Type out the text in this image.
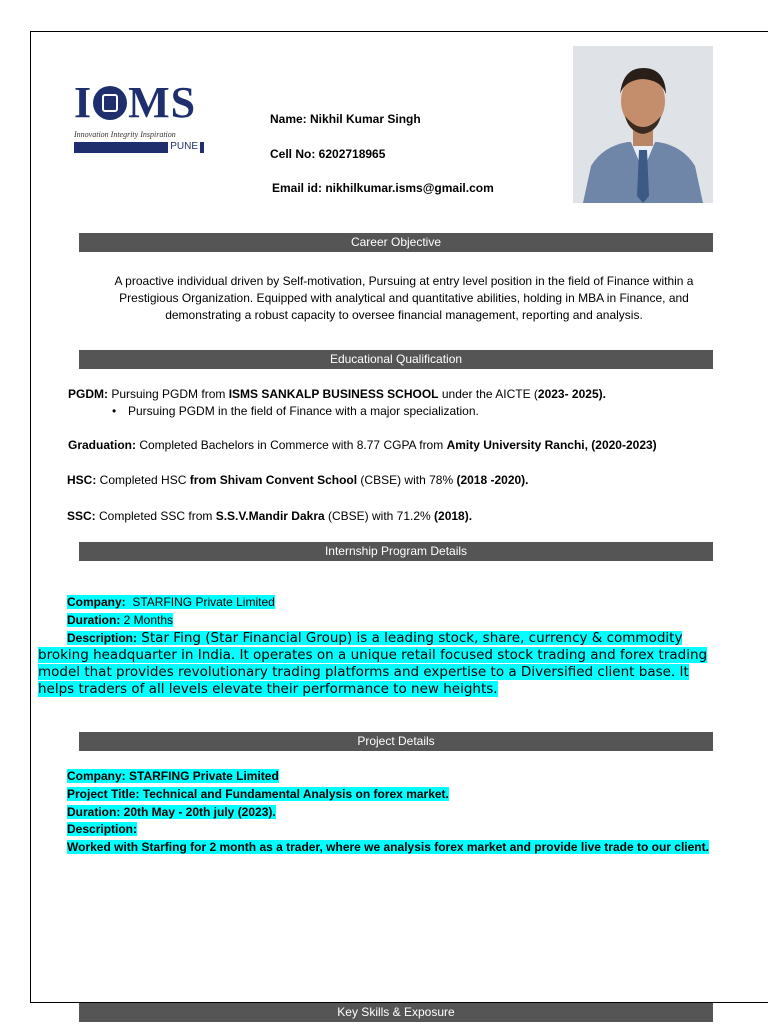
I MS
Innovation Integrity Inspiration
PUNE
Name: Nikhil Kumar Singh
Cell No: 6202718965
Email id: nikhilkumar.isms@gmail.com
Career Objective
A proactive individual driven by Self-motivation, Pursuing at entry level position in the field of Finance within a Prestigious Organization. Equipped with analytical and quantitative abilities, holding in MBA in Finance, and demonstrating a robust capacity to oversee financial management, reporting and analysis.
Educational Qualification
PGDM: Pursuing PGDM from ISMS SANKALP BUSINESS SCHOOL under the AICTE (2023- 2025).
• Pursuing PGDM in the field of Finance with a major specialization.
Graduation: Completed Bachelors in Commerce with 8.77 CGPA from Amity University Ranchi, (2020-2023)
HSC: Completed HSC from Shivam Convent School (CBSE) with 78% (2018 -2020).
SSC: Completed SSC from S.S.V.Mandir Dakra (CBSE) with 71.2% (2018).
Internship Program Details
Company:  STARFING Private Limited
Duration: 2 Months
Description: Star Fing (Star Financial Group) is a leading stock, share, currency & commodity
broking headquarter in India. It operates on a unique retail focused stock trading and forex trading
model that provides revolutionary trading platforms and expertise to a Diversified client base. It
helps traders of all levels elevate their performance to new heights.
Project Details
Company: STARFING Private Limited
Project Title: Technical and Fundamental Analysis on forex market.
Duration: 20th May - 20th july (2023).
Description:
Worked with Starfing for 2 month as a trader, where we analysis forex market and provide live trade to our client.
Key Skills & Exposure
